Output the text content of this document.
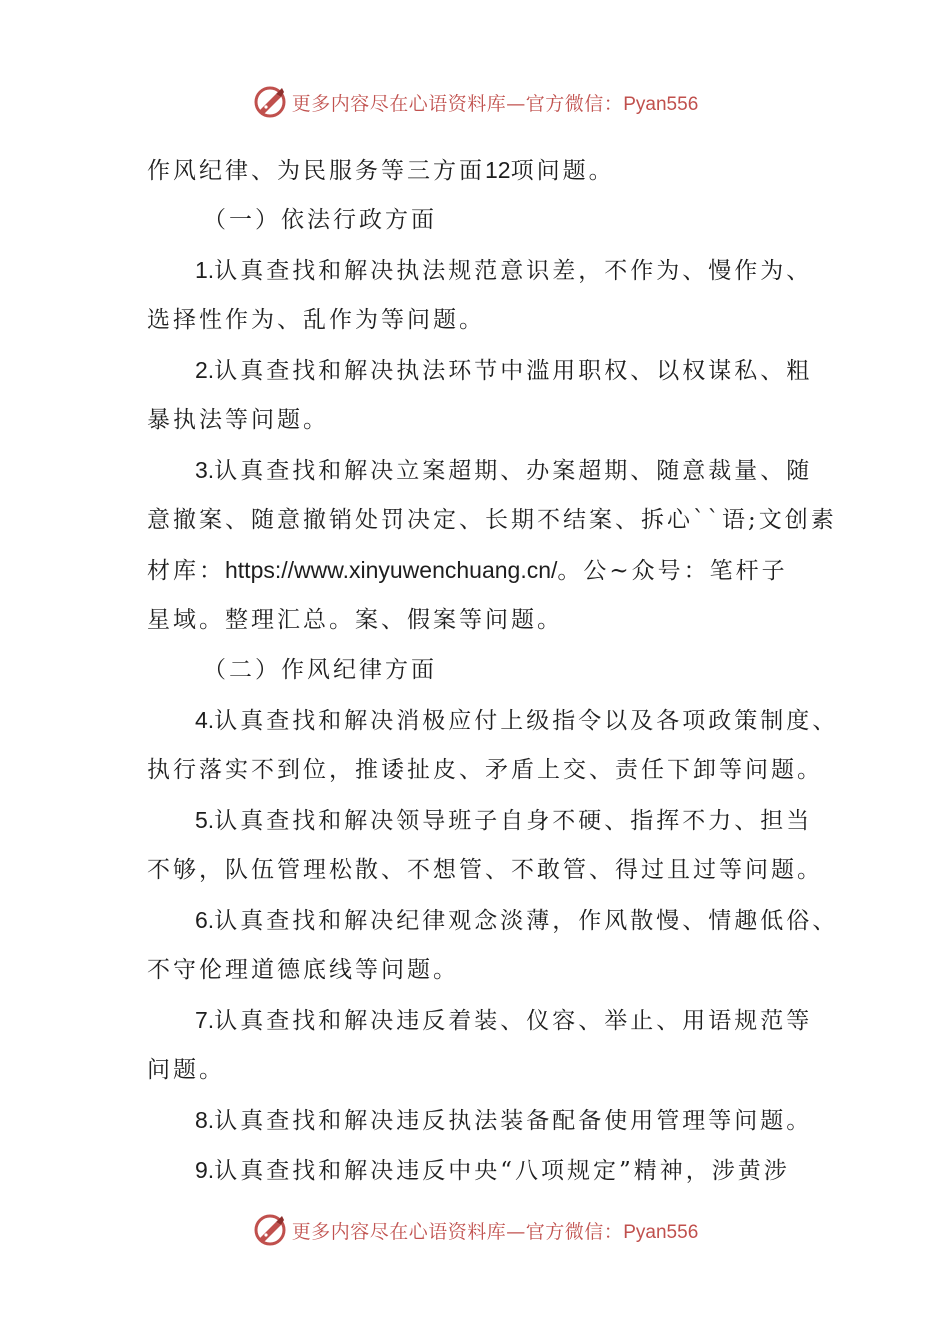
更多内容尽在心语资料库—官方微信：Pyan556
作风纪律、为民服务等三方面12项问题。
（一）依法行政方面
1.认真查找和解决执法规范意识差，不作为、慢作为、
选择性作为、乱作为等问题。
2.认真查找和解决执法环节中滥用职权、以权谋私、粗
暴执法等问题。
3.认真查找和解决立案超期、办案超期、随意裁量、随
意撤案、随意撤销处罚决定、长期不结案、拆心``语;文创素
材库：https://www.xinyuwenchuang.cn/。公~众号：笔杆子
星域。整理汇总。案、假案等问题。
（二）作风纪律方面
4.认真查找和解决消极应付上级指令以及各项政策制度、
执行落实不到位，推诿扯皮、矛盾上交、责任下卸等问题。
5.认真查找和解决领导班子自身不硬、指挥不力、担当
不够，队伍管理松散、不想管、不敢管、得过且过等问题。
6.认真查找和解决纪律观念淡薄，作风散慢、情趣低俗、
不守伦理道德底线等问题。
7.认真查找和解决违反着装、仪容、举止、用语规范等
问题。
8.认真查找和解决违反执法装备配备使用管理等问题。
9.认真查找和解决违反中央“八项规定”精神，涉黄涉
更多内容尽在心语资料库—官方微信：Pyan556
